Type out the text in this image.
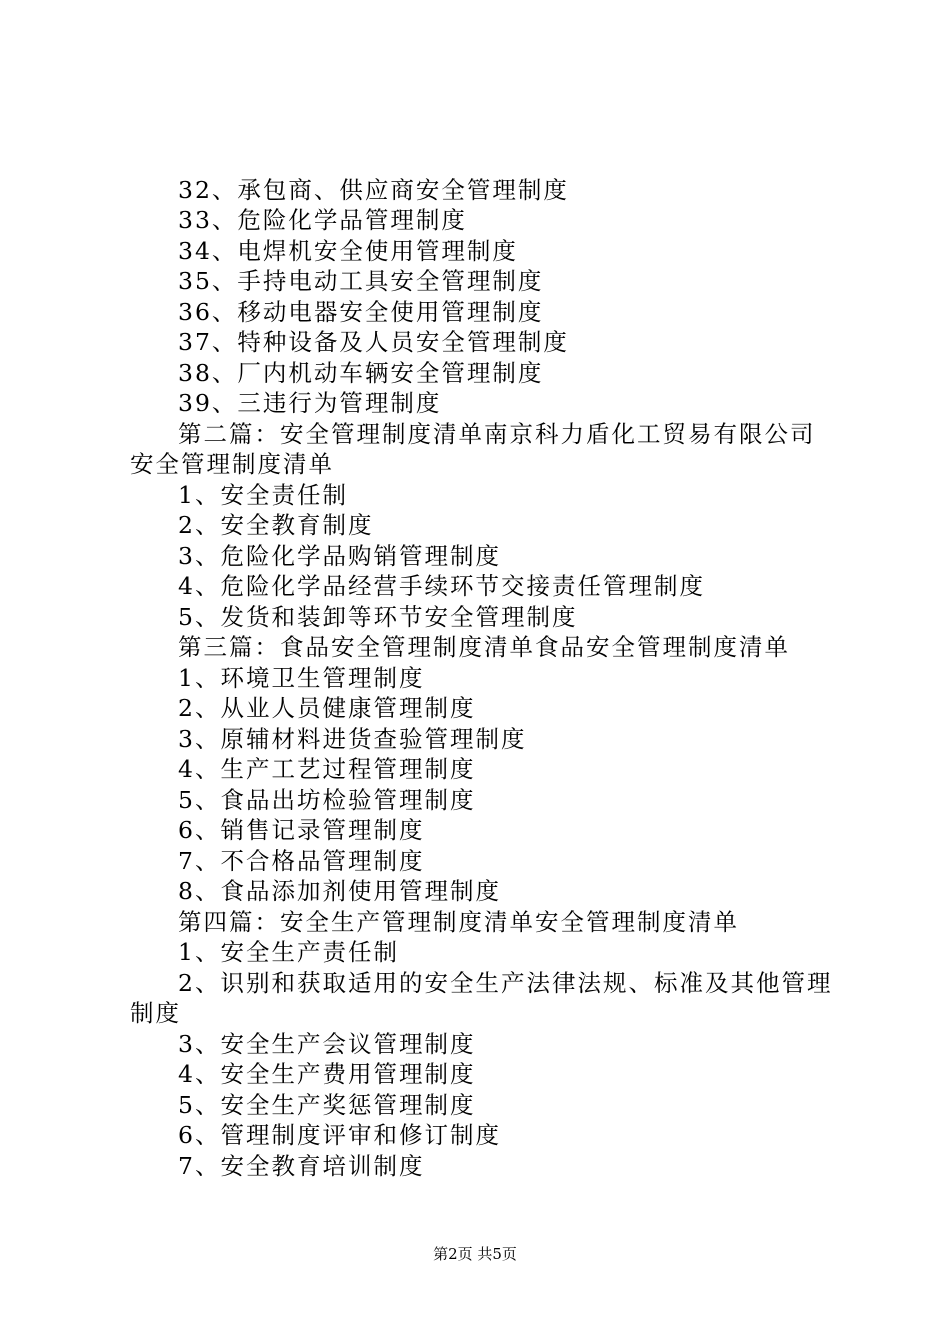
32、承包商、供应商安全管理制度
33、危险化学品管理制度
34、电焊机安全使用管理制度
35、手持电动工具安全管理制度
36、移动电器安全使用管理制度
37、特种设备及人员安全管理制度
38、厂内机动车辆安全管理制度
39、三违行为管理制度
第二篇：安全管理制度清单南京科力盾化工贸易有限公司
安全管理制度清单
1、安全责任制
2、安全教育制度
3、危险化学品购销管理制度
4、危险化学品经营手续环节交接责任管理制度
5、发货和装卸等环节安全管理制度
第三篇：食品安全管理制度清单食品安全管理制度清单
1、环境卫生管理制度
2、从业人员健康管理制度
3、原辅材料进货查验管理制度
4、生产工艺过程管理制度
5、食品出坊检验管理制度
6、销售记录管理制度
7、不合格品管理制度
8、食品添加剂使用管理制度
第四篇：安全生产管理制度清单安全管理制度清单
1、安全生产责任制
2、识别和获取适用的安全生产法律法规、标准及其他管理
制度
3、安全生产会议管理制度
4、安全生产费用管理制度
5、安全生产奖惩管理制度
6、管理制度评审和修订制度
7、安全教育培训制度
第2页 共5页
